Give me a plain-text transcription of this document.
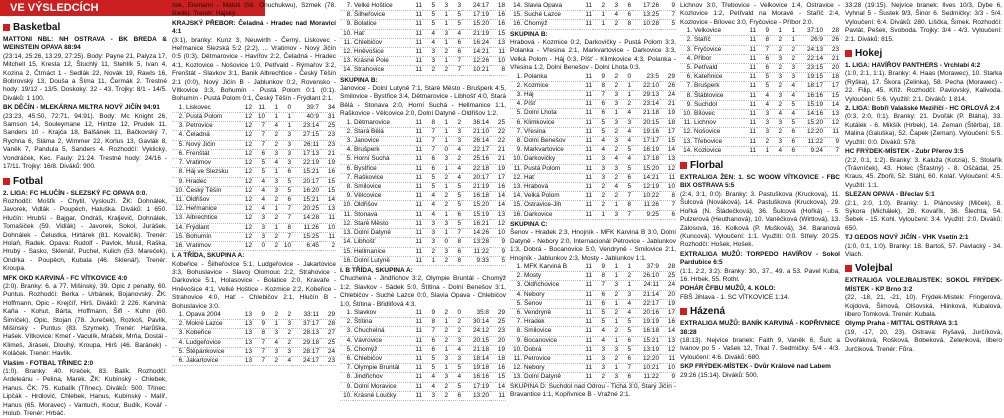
VE VÝSLEDCÍCH
Basketbal
MATTONI NBL: NH OSTRAVA - BK BREDA & WEINSTEIN OPAVA 88:94
(23:14, 25:26, 13:29, 27:25). Body: Payne 21, Palyza 17, Mitchell 15, Kresta 12, Štuchlý 11, Stehlík 5, Ivan 4, Kozina 2, Čtrnáct 1 - Sedlák 22, Novák 19, Rawls 16, Bobrovský 13, Douša a Šíma 11, Čermák 2. Trestné hody: 19/12 - 13/5. Doskoky: 32 - 43. Trojky: 8/1 - 14/5. Diváků: 1 100.
BK DĚČÍN - MLEKÁRNA MILTRA NOVÝ JIČÍN 94:91
(23:23, 45:50, 72:71, 94:91). Body: Mc Knight 26, Samson 14, Souleymane 12, Hintze 12, Prudek 11, Sanders 10 - Krajča 18, Balšánek 11, Bačkovský 7, Rychna 6, Sláma 2, Wimmer 22, Korlus 13, Gavlák 8, Vaněk 7, Pandula 5, Sanders 4. Rozhodčí: Vyklický, Vondráček, Kec. Fauly: 21:24. Trestné hody: 24/16 - 17/11. Trojky: 16/8. Diváků: 900.
Fotbal
2. LIGA: FC HLUČÍN - SLEZSKÝ FC OPAVA 0:0.
Rozhodčí: Mošťk - Chytil, Vyslouží. ŽK: Dohnálek, Javorek, Vidlák - Poupěch, Haluška. Diváků: 1 650. Hlučín: Hrubší - Bajgar, Ondráš, Kraljevič, Dohnálek, Tomašiček (59. Vidlák) - Javorek, Sokol, Jurášek, Dohnálek - Čelustka, Hirtárek (81. Kovalčík). Trenér: Holaň, Radek. Opava: Rudolf - Pavlok, Musil, Raška, Hrubý - Sasko, Sklenář, Puchel, Kulich (53. Mareček), Ondrka - Poupěch, Kubala (46. Sklenář). Trenér: Kroupa.
MFK OKD KARVINÁ - FC VÍTKOVICE 4:0
(2:0). Branky: 6. a 77. Mišinský, 39. Opic z penalty, 60. Puntus. Rozhodčí: Berka - Urbánek, Bojanovský. ŽK: Hoffmann, Opic - Krejčíř, Hirš. Diváků: 2 226. Karviná: Kaňa - Kohut, Bárta, Hoffmann, Šifl - Kuhn (60. Šimíček), Opic, Stojan (78. Jureček), Rozkoš, Pavlík, Mišinský - Puntus (83. Szymek). Trenér: Harůška, Hašek. Vítkovice: Kmeť - Vaculík, Mráček, Mrňa, Dostál - Klimeš, Jirásek, Dlouhý, Kroupa, Hirš (46. Baránek) - Koláček. Trenér: Havlík.
Vlašim - FOTBAL TŘINEC 2:0
(1:0). Branky: 40. Kreček, 83. Balík. Rozhodčí: Ardeleánu - Pelina, Marek. ŽK: Kubínský - Chlebek, Hanus. ČK: 75. Kubalík (Třinec). Diváků: 500. Třinec: Lipčák - Hrdlovič, Chlebek, Hanus, Kubínský - Malíř, Hanus (65. Moravec) - Vantuch, Kocur, Budík, Kovář - Holub. Trenér: Hrbáč.
ček, Eismann - Matúš (59. Onuchukwu), Szmek (78. Bielik). Trenér: Hajský.
KRAJSKÝ PŘEBOR: Čeladná - Hradec nad Moravicí 4:1
(3:1), branky: Kunz 3, Neuwirth - Černý. Liskovec - Heřmanice Slezská 5:2 (2:2), ... Vratimov - Nový Jičín 0:5 (0:3), Dětmarovice - Havířov 2:2, Čeladná - Hradec 4:1, Kozlovice - Nošovice 1:0, Petřvald - Rýmařov 3:2, Frenštát - Slavkov 3:1, Banik Albrechtice - Český Těšín 2:1 (0:0), Nový Jičín B - Jablunkov 0:2, Rovensko - Vítkovice 3:3, Bohumín - Pustá Polom 0:1 (0:1). Bohumín - Pustá Polom 0:1, Český Těšín - Frýdlant 2:1.
1.	Liskovec	12	11	1	0	39:7	34
2.	Pustá Polom	12	10	1	1	40:9	31
3.	Petrovice	12	7	4	1	23:14	25
4.	Čeladná	12	7	2	3	27:15	23
5.	Nový Jičín	12	7	2	3	26:11	23
6.	Frenštát	12	6	3	3	17:13	21
7.	Vratimov	12	5	4	3	22:19	19
8.	Háj ve Slezsku	12	5	1	6	15:21	16
9.	Hradec	12	4	3	5	20:17	15
10.	Český Těšín	12	4	3	5	16:20	15
11.	Oldřišov	12	4	2	6	15:21	14
12.	Heřmanice	12	4	1	7	20:25	13
13.	Albrechtice	12	3	2	7	14:28	11
14.	Frýdlant	12	3	1	8	11:26	10
15.	Bohumín	12	3	2	7	15:25	11
16.	Vratimov	12	0	2	10	6:45	2
I. A TŘÍDA, SKUPINA A:
Kobeřice - Šilheřovice 5:1, Ludgeřovice - Jakartovice 3:3, Bohuslavice - Slavoj Olomouc 2:2, Strahovice - Darkovice 5:1, Holasovice - Bolatice 2:0, Kravaře - Hněvošice 4:1, Velké Hoštice - Kozmice 2:2, Kobeřice - Strahovice 4:0, Hať - Chlebičov 2:1, Hlučín B - Bohuslavice 3:0.
1.	Opava 2004	13	9	2	2	33:11	29
2.	Mokré Lazce	13	9	1	3	37:17	28
3.	Kobeřice	13	8	3	2	28:13	27
4.	Ludgeřovice	13	7	4	2	29:18	25
5.	Štěpánkovice	13	7	3	3	28:17	24
6.	Jakartovice	13	7	2	4	24:17	23
7.	Velké Hoštice	11	5	3	3	24:17	18
8.	Šilheřovice	11	5	1	5	17:19	16
9.	Bolatice	11	5	1	5	15:20	16
10.	Hať	11	4	3	4	21:19	15
11.	Chlebičov	11	4	1	6	16:24	13
12.	Hněvošice	11	3	2	6	14:21	11
13.	Krásné Pole	11	3	1	7	12:26	10
14.	Strahovice	11	2	2	7	10:21	8
SKUPINA B:
Janovice - Dolní Lutyně 7:1, Staré Město - Brušperk 4:5, Smilovice - Bystřice 3:4, Dětmarovice - Libhošť 4:0, Stará Bělá - Stonava 2:0, Horní Suchá - Hellmanice 1:1, Raškovice - Vělcovice 2:0, Dolní Datyně - Oldřišov 1:2.
1.	Dětmarovice	11	8	1	2	36:14	25
2.	Stará Bělá	11	7	1	3	21:10	22
3.	Janovice	11	7	1	3	26:14	22
4.	Brušperk	11	7	0	4	22:17	21
5.	Horní Suchá	11	6	3	2	25:16	21
6.	Bystřice	11	6	1	4	22:18	19
7.	Raškovice	11	5	2	4	20:17	17
8.	Smilovice	11	5	1	5	21:19	16
9.	Vělcovice	11	4	2	5	16:18	14
10.	Oldřišov	11	4	2	5	15:20	14
11.	Stonava	11	4	1	6	15:19	13
12.	Staré Město	11	3	3	5	16:21	12
13.	Dolní Datyně	11	3	1	7	14:26	10
14.	Libhošť	11	3	0	8	13:28	9
15.	Hellmanice	11	2	3	6	11:22	9
16.	Dolní Lutyně	11	1	2	8	9:33	5
I. B TŘÍDA, SKUPINA A:
Chuchelná - Jindřichov 3:2, Olympie Bruntál - Chomýž 1:2, Slavkov - Sádek 5:0, Štítina - Dolní Benešov 3:1, Chlebičov - Suché Lazce 0:0, Slavia Opava - Chlebičov 1:0, Štítina - Břidlifová 4:3.
1.	Slavkov	11	9	2	0	35:8	29
2.	Štítina	11	8	1	2	30:14	25
3.	Chuchelná	11	7	2	2	24:12	23
4.	Vávrovice	11	6	2	3	20:15	20
5.	Chomýž	11	6	1	4	21:18	19
6.	Chlebičov	11	5	3	3	18:14	18
7.	Olympie Bruntál	11	5	1	5	19:18	16
8.	Jindřichov	11	4	3	4	16:16	15
9.	Dolní Moravice	11	4	2	5	17:19	14
10.	Krásné Loučky	11	3	2	6	13:20	11
14.	Slavia Opava	11	2	3	6	17:26	9
15.	Suché Lazce	11	1	4	6	13:25	7
16.	Chomýž	11	1	2	8	10:28	5
SKUPINA B:
Hrabová - Kozmice 0:2, Darkovičky - Pustá Polom 3:3, Polanka - Vřesina 2:1, Markvartovice - Darkovice 3:3, Velká Polom - Háj 0:3, Píšť - Klimkovice 4:3, Polanka - Vřesina 1:2, Dolní Benešov - Dolní Lhota 0:3.
1.	Polanka	11	9	2	0	23:5	29
2.	Kozmice	11	8	2	1	22:10	26
3.	Háj	11	7	3	1	29:13	24
4.	Píšť	11	6	3	2	23:14	21
5.	Dolní Lhota	11	6	1	4	21:18	19
6.	Klimkovice	11	5	3	3	20:15	18
7.	Vřesina	11	5	2	4	19:16	17
8.	Dolní Benešov	11	4	3	4	17:17	15
9.	Markvartovice	11	4	2	5	16:19	14
10.	Darkovičky	11	3	4	4	17:18	13
11.	Pustá Polom	11	3	3	5	15:20	12
12.	Hať	11	3	2	6	14:21	11
13.	Hrabová	11	2	4	5	12:19	10
14.	Velká Polom	11	2	2	7	10:22	8
15.	Ostravice-Jih	11	2	1	8	11:26	7
16.	Darkovice	11	1	3	7	9:25	6
SKUPINA C:
Šenov - Hradek 2:3, Hnojník - MFK Karviná B 3:0, Dolní Datyně - Nebory 2:0, Internacionál Petrovice - Jablunkov 1:3, Dobrá - Bocanovice 5:0, Vendryně - Smilovice 2:1, Hnojník - Jablunkov 2:3, Mosty - Jablunkov 1:1.
1.	MFK Karviná B	11	9	1	1	37:9	28
2.	Mosty	11	8	1	2	26:10	25
3.	Oldřichovice	11	7	3	1	24:11	24
4.	Nebory	11	6	2	3	21:14	20
5.	Šenov	11	6	1	4	22:17	19
6.	Vendryně	11	5	2	4	20:16	17
7.	Hradek	11	5	1	5	19:19	16
8.	Smilovice	11	4	2	5	16:18	14
9.	Bocanovice	11	4	1	6	15:21	13
10.	Dobrá	11	3	3	5	13:19	12
11.	Petrovice	11	3	2	6	12:20	11
12.	Nebory	11	3	1	7	10:21	10
13.	Dolní Datyně	11	2	3	6	11:22	9
SKUPINA D: Suchdol nad Odrou - Tichá 3:0, Starý Jičín - Bravantice 1:1, Kopřivnice B - Vražné 2:1.
Lichnov 3:0, Třebovice - Velkovice 1:4, Ostravice - Kozlovice 1:2, Petřvald na Moravě - Staříč 2:4, Kozlovice - Bílovec 3:0, Fryčovice - Příbor 2:0.
1.	Velkovice	11	9	1	1	37:10	28
2.	Staříč	11	8	2	1	26:9	26
3.	Fryčovice	11	7	2	2	24:13	23
4.	Příbor	11	6	3	2	22:14	21
5.	Petřvald	11	6	2	3	23:15	20
6.	Kateřinice	11	5	3	3	19:15	18
7.	Brušperk	11	5	2	4	18:17	17
8.	Štáblovice	11	4	3	4	16:16	15
9.	Suchdol	11	4	2	5	15:19	14
10.	Bílovec	11	3	4	4	14:16	13
11.	Lichnov	11	3	3	5	15:20	12
12.	Nošovice	11	3	2	6	12:20	11
13.	Třebovice	11	2	3	6	11:22	9
14.	Kozlovice	11	1	4	6	9:24	7
Florbal
EXTRALIGA ŽEN: 1. SC WOOW VÍTKOVICE - FBC BIX OSTRAVA 5:5
(2:4, 3:1, 0:0). Branky: 3. Pastuškova (Kruckova), 11. Šulcová (Nováková), 14. Pastuškova (Kruckova), 29. Hořká (N. Šládečková), 36. Šulcová (Hořká) - 5. Pulzerová (Heuthanová), 10. Vaněčková (Wirtlová), 13. Zálosová, 16. Kolková (P. Mušková), 34. Baranová (Kuncová). Vyloučení: 1:1. Využití: 0:0. Střely: 20:25. Rozhodčí: Hošek, Hošek.
EXTRALIGA MUŽŮ: TORPEDO HAVÍŘOV - Sokol Pardubice 6:5
(1:1, 2:2, 3:2). Branky: 30., 37., 49. a 53. Pavel Kuba, 16. Hrbek, 55. Rothl.
POHÁR ČFBU MUŽŮ, 4. KOLO:
FBŠ Jihlava - 1. SC VÍTKOVICE 1:14.
Házená
EXTRALIGA MUŽŮ: BANÍK KARVINÁ - KOPŘIVNICE 38:28
(18:13). Nejvíce branek: Faith 9, Vaněk 6, Šulc a Ivanov po 5 - Vašek 12, Trkal 7. Sedmičky: 5/4 - 4/3. Vyloučení: 4:6. Diváků: 680.
SKP FRÝDEK-MÍSTEK - Dvůr Králové nad Labem
29:26 (15:14). Diváků: 500.
33:28 (19:15). Nejvíce branek: Ilves 10/3, Dybe 6, Vyhnal 5 - Šustek 9/3, Šinor 6. Sedmičky: 3/3 - 5/4. Vyloučení: 6:4. Diváků: 280. Liščka, Šimek. Rozhodčí: Pavlát, Pešek, Svoboda. Trojky: 3/4 - 4/3. Vyloučení: 2:1. Diváků: 815.
Hokej
1. LIGA: HAVÍŘOV PANTHERS - Vrchlabí 4:2
(1:0, 2:1, 1:1). Branky: 4. Haas (Morawec), 10. Starka (Ryška), 17. Škora (Zelinka), 58. Pecha (Morawec) - 22. Filip, 45. Kříž. Rozhodčí: Pavlovský, Kalivoda. Vyloučení: 5:6. Využití: 2:1. Diváků: 1 814.
2. LIGA: Bobři Valašské Meziříčí - HC ORLOVÁ 2:4
(0:3, 2:0, 0:1). Branky: 21. Dvořák (P. Bláha), 33. Kutálek - 6. Mikšík (Hrbek), 14. Zeman (Štěrba), 18. Malina (Galuška), 52. Čapek (Zeman). Vyloučení: 5:5. Využití: 0:0. Diváků: 578.
HC FRÝDEK-MÍSTEK - Zubr Přerov 3:5
(2:2, 0:1, 1:2). Branky: 3. Kaluža (Kotzia), 5. Stolařík (Trávníček), 43. Holec (Šťastný) - 8. Oščádal, 25. Kraus, 45. Zbořil, 52. Stáhl, 60. Kolář. Vyloučení: 4:5. Využití: 1:1.
SLEZAN OPAVA - Břeclav 5:1
(2:1, 2:0, 1:0). Branky: 1. Plánovský (Miček), 8. Sýkora (Michálek), 28. Kovařík, 36. Šlechta, 54. Šebek - 15. Kohl. Vyloučení: 3:4. Využití: 2:0. Diváků: 650.
TJ GEDOS NOVÝ JIČÍN - VHK Vsetín 2:1
(1:0, 0:1, 1:0). Branky: 18. Bartoš, 57. Pavlacký - 34. Vlach.
Volejbal
EXTRALIGA VOLEJBALISTEK: SOKOL FRÝDEK-MÍSTEK - KP Brno 3:2
(22, -18, 21, -21, 10). Frýdek-Místek: Fringerová, Kojdová, Šimová, Olšovská, Hlinková, Kubalová, libero Tomková. Trenér: Kubala.
Olymp Praha - MITTAL OSTRAVA 3:1
(19, -17, 20, 23). Ostrava: Ryšavá, Jurčíková, Dvořáková, Rošková, Bobeková, Zelenková, libero Jurčíková. Trenér: Fůra.
